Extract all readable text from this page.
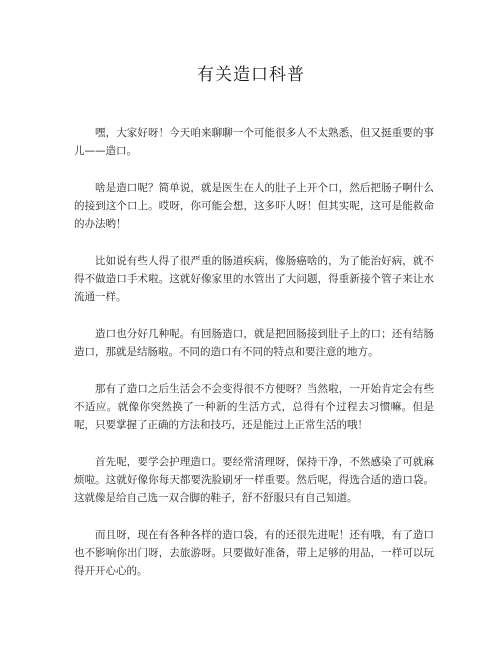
有关造口科普

嘿，大家好呀！今天咱来聊聊一个可能很多人不太熟悉，但又挺重要的事儿——造口。

啥是造口呢？简单说，就是医生在人的肚子上开个口，然后把肠子啊什么的接到这个口上。哎呀，你可能会想，这多吓人呀！但其实呢，这可是能救命的办法哟！

比如说有些人得了很严重的肠道疾病，像肠癌啥的，为了能治好病，就不得不做造口手术啦。这就好像家里的水管出了大问题，得重新接个管子来让水流通一样。

造口也分好几种呢。有回肠造口，就是把回肠接到肚子上的口；还有结肠造口，那就是结肠啦。不同的造口有不同的特点和要注意的地方。

那有了造口之后生活会不会变得很不方便呀？当然啦，一开始肯定会有些不适应。就像你突然换了一种新的生活方式，总得有个过程去习惯嘛。但是呢，只要掌握了正确的方法和技巧，还是能过上正常生活的哦！

首先呢，要学会护理造口。要经常清理呀，保持干净，不然感染了可就麻烦啦。这就好像你每天都要洗脸刷牙一样重要。然后呢，得选合适的造口袋。这就像是给自己选一双合脚的鞋子，舒不舒服只有自己知道。

而且呀，现在有各种各样的造口袋，有的还很先进呢！还有哦，有了造口也不影响你出门呀，去旅游呀。只要做好准备，带上足够的用品，一样可以玩得开开心心的。
